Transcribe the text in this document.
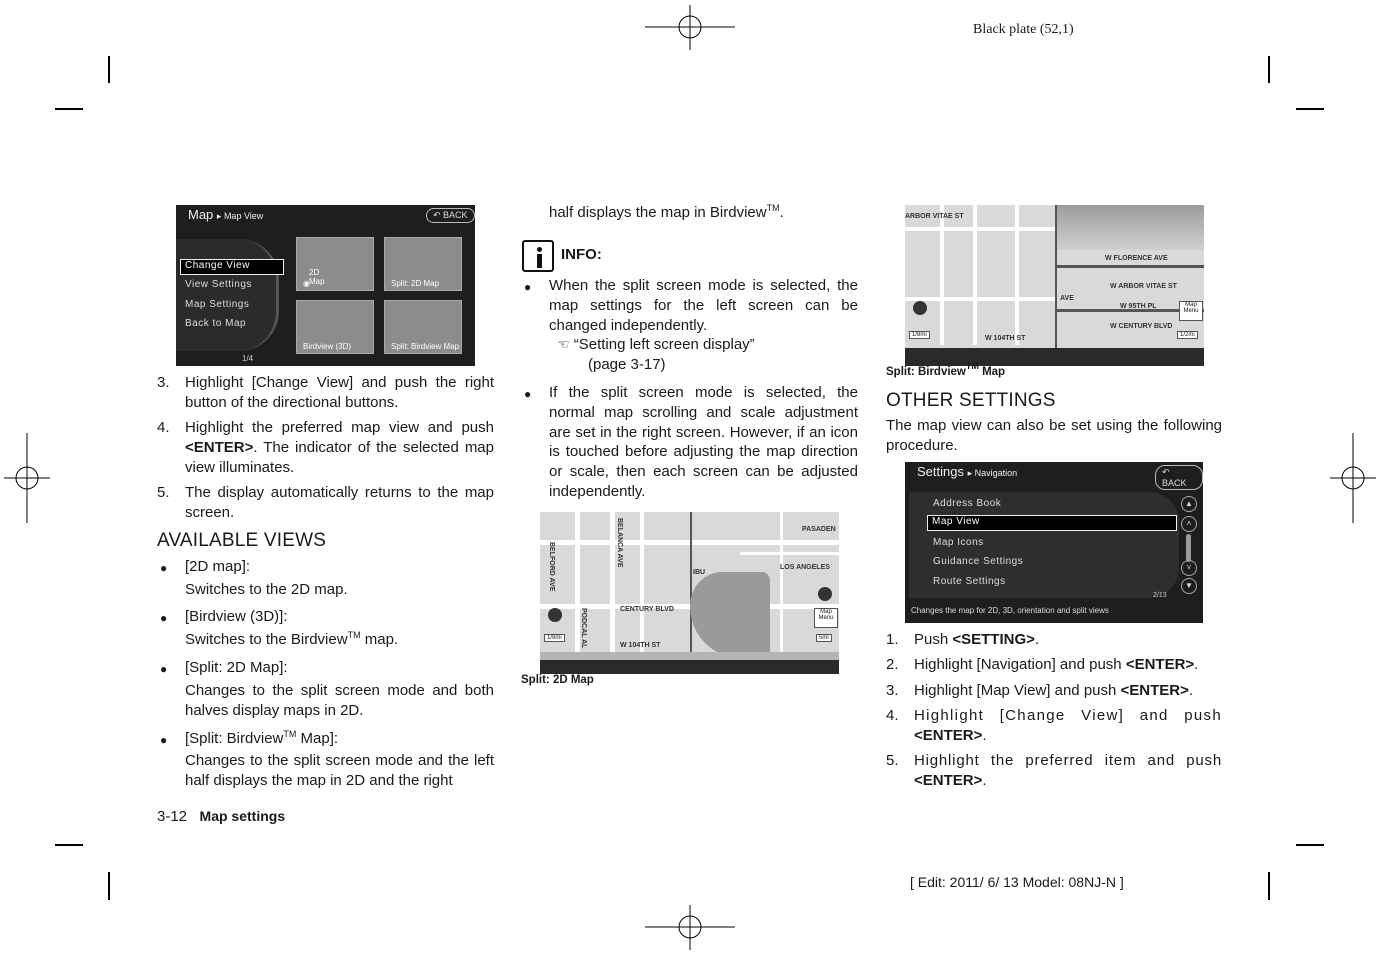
Black plate (52,1)
Map ▸ Map View	↶ BACK
Change View
View Settings
Map Settings
Back to Map
◉
2D Map	Split: 2D Map
Birdview (3D)	Split: Birdview Map
1/4
3. Highlight [Change View] and push the right button of the directional buttons.
4. Highlight the preferred map view and push <ENTER>. The indicator of the selected map view illuminates.
5. The display automatically returns to the map screen.
AVAILABLE VIEWS
● [2D map]:
Switches to the 2D map.
● [Birdview (3D)]:
Switches to the Birdview™ map.
● [Split: 2D Map]:
Changes to the split screen mode and both halves display maps in 2D.
● [Split: Birdview™ Map]:
Changes to the split screen mode and the left half displays the map in 2D and the right
3-12 Map settings
half displays the map in Birdview™.
INFO:
● When the split screen mode is selected, the map settings for the left screen can be changed independently.
☜ “Setting left screen display”
(page 3-17)
● If the split screen mode is selected, the normal map scrolling and scale adjustment are set in the right screen. However, if an icon is touched before adjusting the map direction or scale, then each screen can be adjusted independently.
PASADEN
LOS ANGELES
IBU
W 104TH ST
BELFORD AVE	BELANCA AVE
PODCAL AL	CENTURY BLVD	Map Menu
1/8mi	5mi
Split: 2D Map
W FLORENCE AVE
W ARBOR VITAE ST
ARBOR VITAE ST
W 95TH PL
W CENTURY BLVD
W 104TH ST
AVE
Map Menu
1/8mi	1/2mi
Split: Birdview™ Map
OTHER SETTINGS
The map view can also be set using the following procedure.
Settings ▸ Navigation	↶ BACK
Address Book
Map View
Map Icons
Guidance Settings
Route Settings
▲
˄
˅
▼
2/13
Changes the map for 2D, 3D, orientation and split views
1. Push <SETTING>.
2. Highlight [Navigation] and push <ENTER>.
3. Highlight [Map View] and push <ENTER>.
4. Highlight [Change View] and push
<ENTER>.
5. Highlight the preferred item and push
<ENTER>.
[ Edit: 2011/ 6/ 13 Model: 08NJ-N ]
